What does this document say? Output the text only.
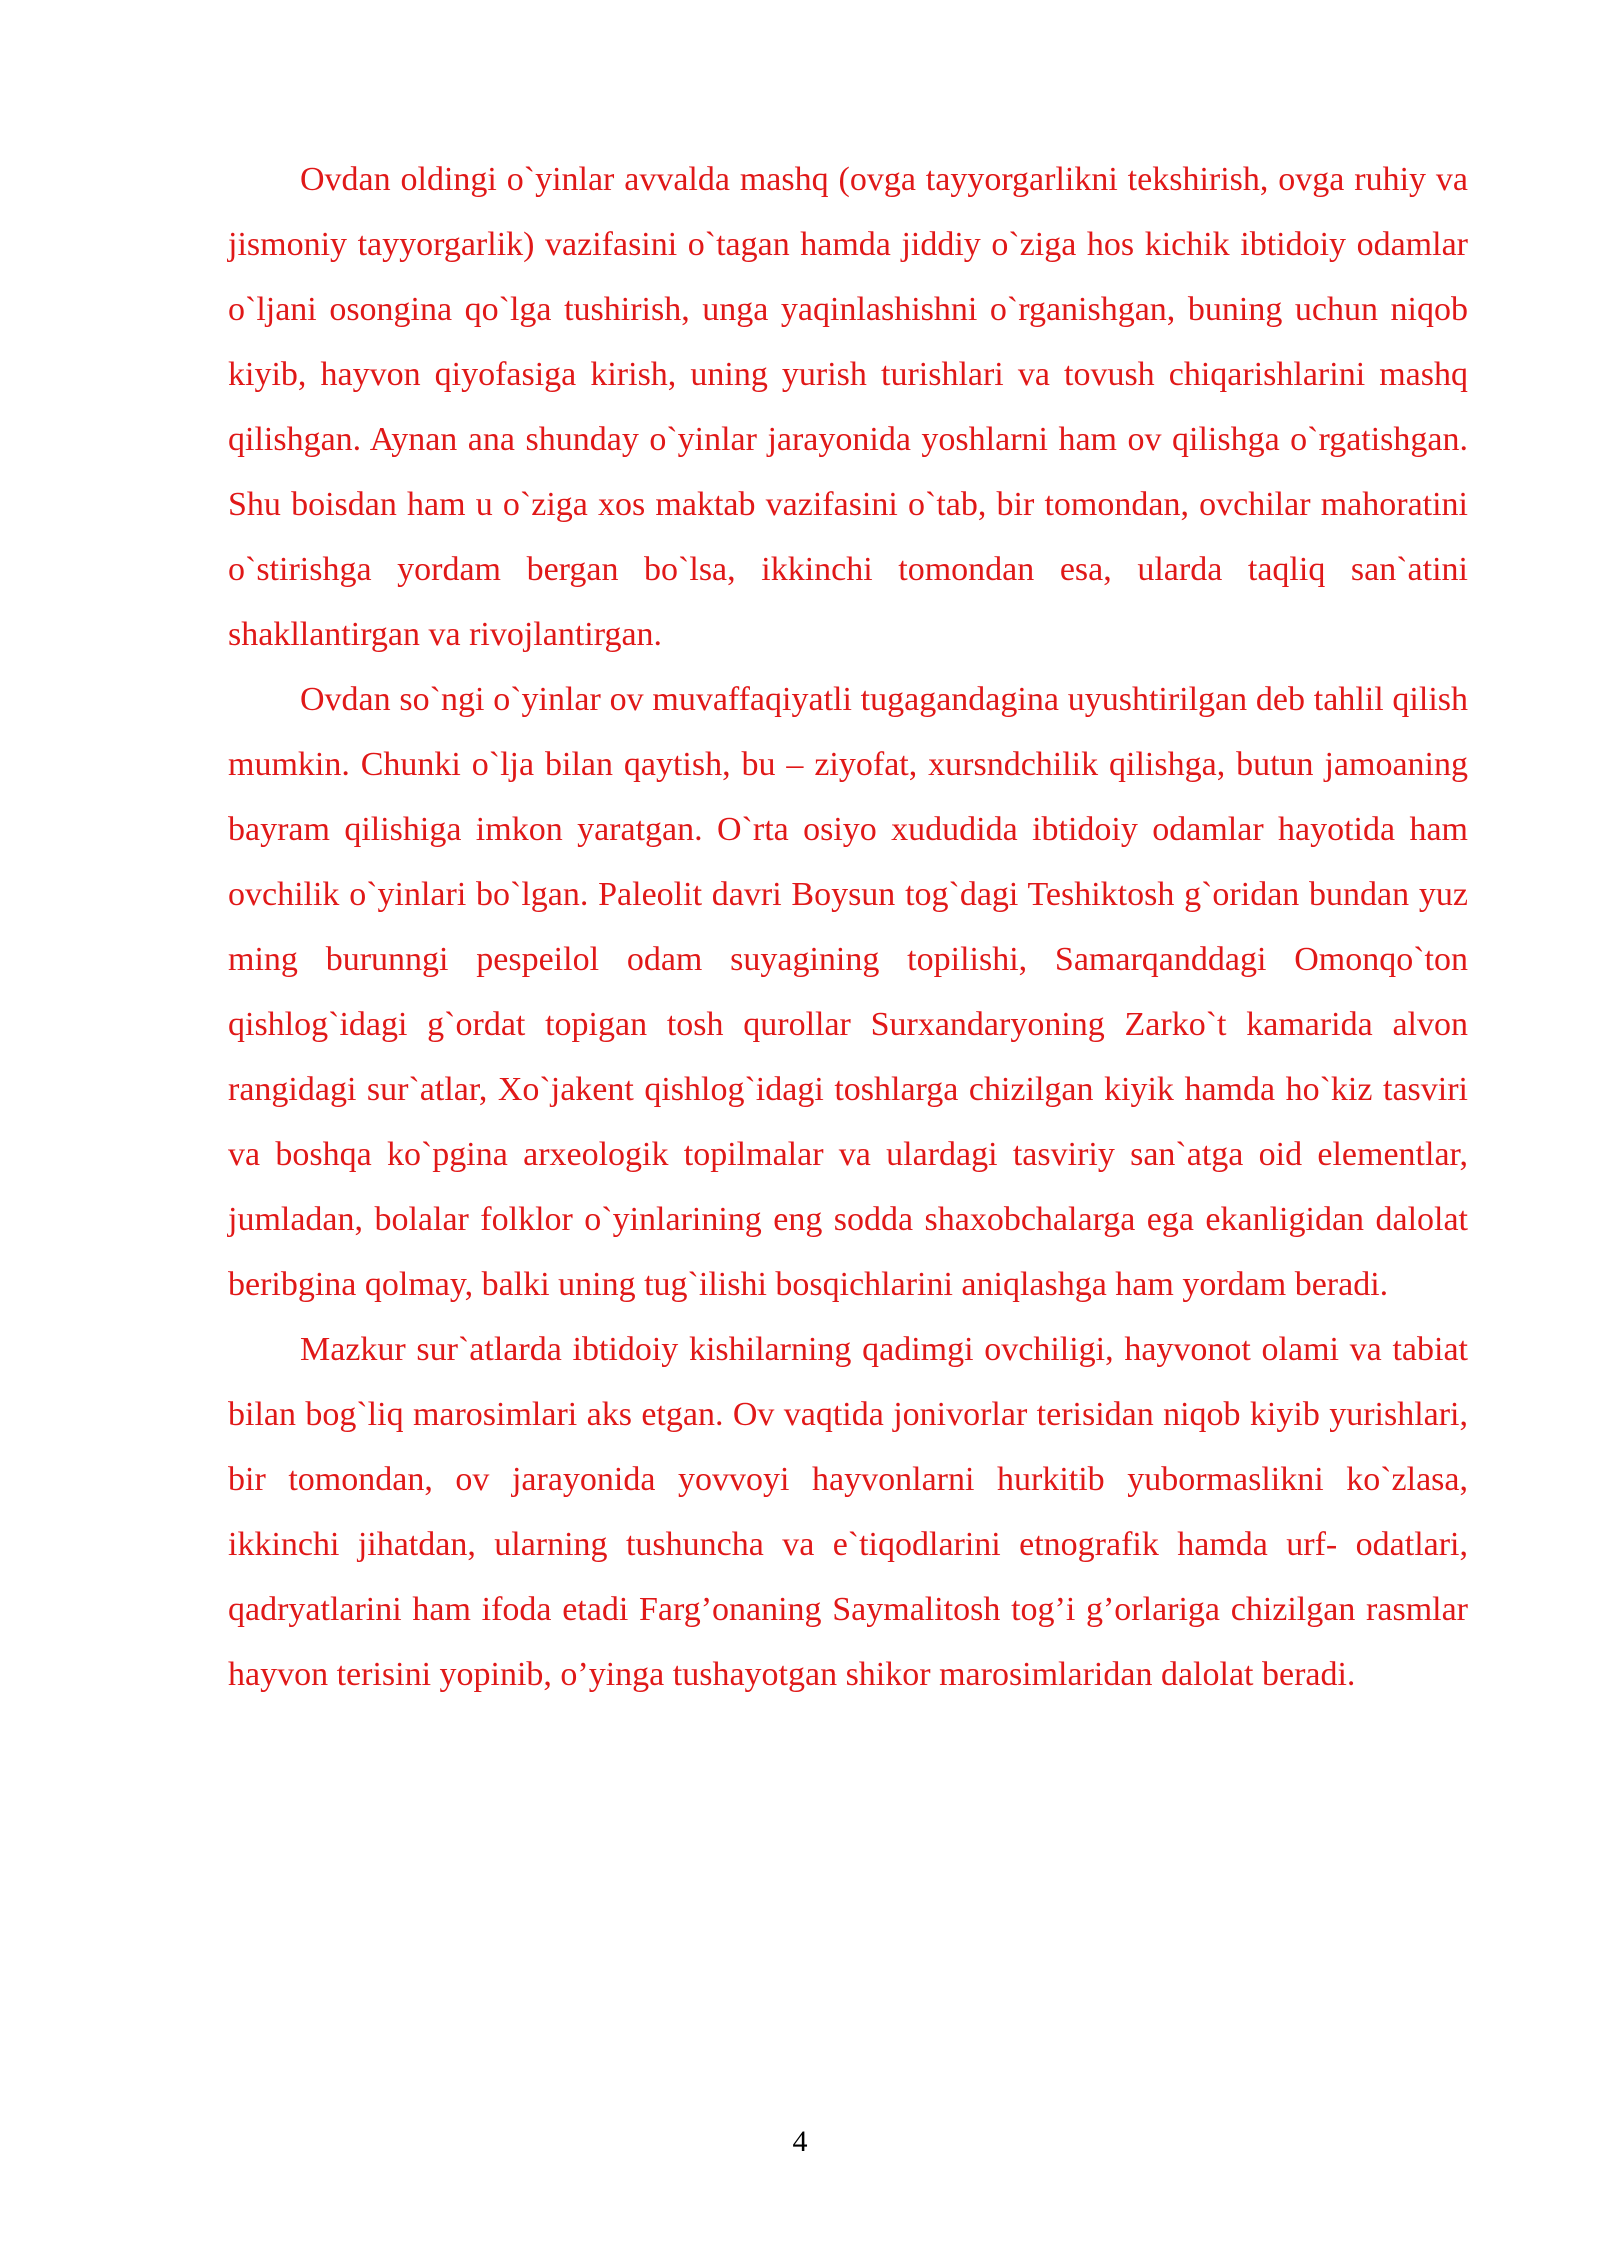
Ovdan oldingi o`yinlar avvalda mashq (ovga tayyorgarlikni tekshirish, ovga ruhiy va jismoniy tayyorgarlik) vazifasini o`tagan hamda jiddiy o`ziga hos kichik ibtidoiy odamlar o`ljani osongina qo`lga tushirish, unga yaqinlashishni o`rganishgan, buning uchun niqob kiyib, hayvon qiyofasiga kirish, uning yurish turishlari va tovush chiqarishlarini mashq qilishgan. Aynan ana shunday o`yinlar jarayonida yoshlarni ham ov qilishga o`rgatishgan. Shu boisdan ham u o`ziga xos maktab vazifasini o`tab, bir tomondan, ovchilar mahoratini o`stirishga yordam bergan bo`lsa, ikkinchi tomondan esa, ularda taqliq san`atini shakllantirgan va rivojlantirgan.

Ovdan so`ngi o`yinlar ov muvaffaqiyatli tugagandagina uyushtirilgan deb tahlil qilish mumkin. Chunki o`lja bilan qaytish, bu – ziyofat, xursndchilik qilishga, butun jamoaning bayram qilishiga imkon yaratgan. O`rta osiyo xududida ibtidoiy odamlar hayotida ham ovchilik o`yinlari bo`lgan. Paleolit davri Boysun tog`dagi Teshiktosh g`oridan bundan yuz ming burunngi pespeilol odam suyagining topilishi, Samarqanddagi Omonqo`ton qishlog`idagi g`ordat topigan tosh qurollar Surxandaryoning Zarko`t kamarida alvon rangidagi sur`atlar, Xo`jakent qishlog`idagi toshlarga chizilgan kiyik hamda ho`kiz tasviri va boshqa ko`pgina arxeologik topilmalar va ulardagi tasviriy san`atga oid elementlar, jumladan, bolalar folklor o`yinlarining eng sodda shaxobchalarga ega ekanligidan dalolat beribgina qolmay, balki uning tug`ilishi bosqichlarini aniqlashga ham yordam beradi.

Mazkur sur`atlarda ibtidoiy kishilarning qadimgi ovchiligi, hayvonot olami va tabiat bilan bog`liq marosimlari aks etgan. Ov vaqtida jonivorlar terisidan niqob kiyib yurishlari, bir tomondan, ov jarayonida yovvoyi hayvonlarni hurkitib yubormaslikni ko`zlasa, ikkinchi jihatdan, ularning tushuncha va e`tiqodlarini etnografik hamda urf- odatlari, qadryatlarini ham ifoda etadi Farg’onaning Saymalitosh tog’i g’orlariga chizilgan rasmlar hayvon terisini yopinib, o’yinga tushayotgan shikor marosimlaridan dalolat beradi.

4
